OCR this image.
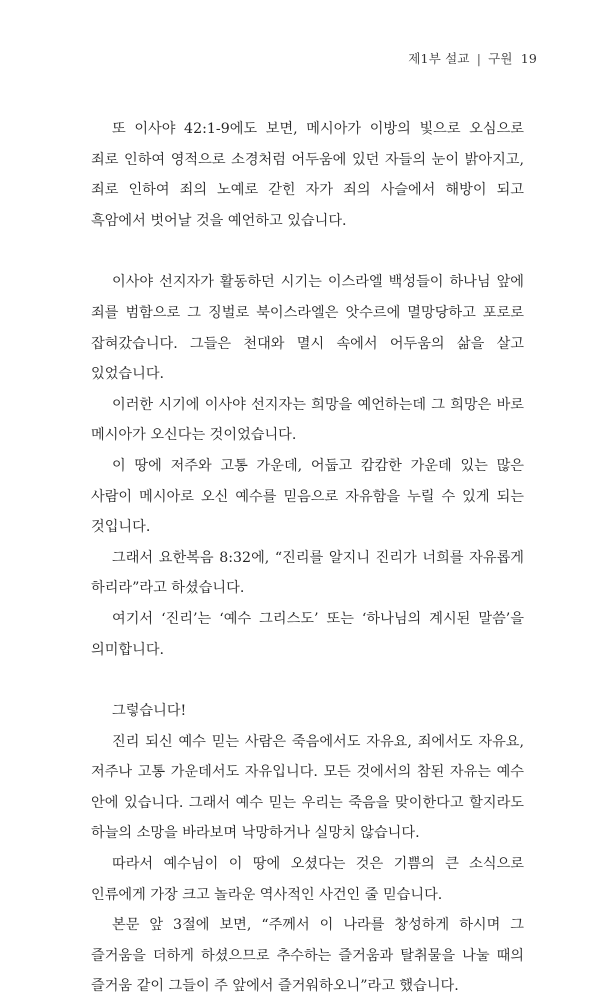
제1부 설교 | 구원 19

또 이사야 42:1-9에도 보면, 메시아가 이방의 빛으로 오심으로 죄로 인하여 영적으로 소경처럼 어두움에 있던 자들의 눈이 밝아지고, 죄로 인하여 죄의 노예로 갇힌 자가 죄의 사슬에서 해방이 되고 흑암에서 벗어날 것을 예언하고 있습니다.

이사야 선지자가 활동하던 시기는 이스라엘 백성들이 하나님 앞에 죄를 범함으로 그 징벌로 북이스라엘은 앗수르에 멸망당하고 포로로 잡혀갔습니다. 그들은 천대와 멸시 속에서 어두움의 삶을 살고 있었습니다.

이러한 시기에 이사야 선지자는 희망을 예언하는데 그 희망은 바로 메시아가 오신다는 것이었습니다.

이 땅에 저주와 고통 가운데, 어둡고 캄캄한 가운데 있는 많은 사람이 메시아로 오신 예수를 믿음으로 자유함을 누릴 수 있게 되는 것입니다.

그래서 요한복음 8:32에, “진리를 알지니 진리가 너희를 자유롭게 하리라”라고 하셨습니다.

여기서 ‘진리’는 ‘예수 그리스도’ 또는 ‘하나님의 계시된 말씀’을 의미합니다.

그렇습니다!

진리 되신 예수 믿는 사람은 죽음에서도 자유요, 죄에서도 자유요, 저주나 고통 가운데서도 자유입니다. 모든 것에서의 참된 자유는 예수 안에 있습니다. 그래서 예수 믿는 우리는 죽음을 맞이한다고 할지라도 하늘의 소망을 바라보며 낙망하거나 실망치 않습니다.

따라서 예수님이 이 땅에 오셨다는 것은 기쁨의 큰 소식으로 인류에게 가장 크고 놀라운 역사적인 사건인 줄 믿습니다.

본문 앞 3절에 보면, “주께서 이 나라를 창성하게 하시며 그 즐거움을 더하게 하셨으므로 추수하는 즐거움과 탈취물을 나눌 때의 즐거움 같이 그들이 주 앞에서 즐거워하오니”라고 했습니다.
